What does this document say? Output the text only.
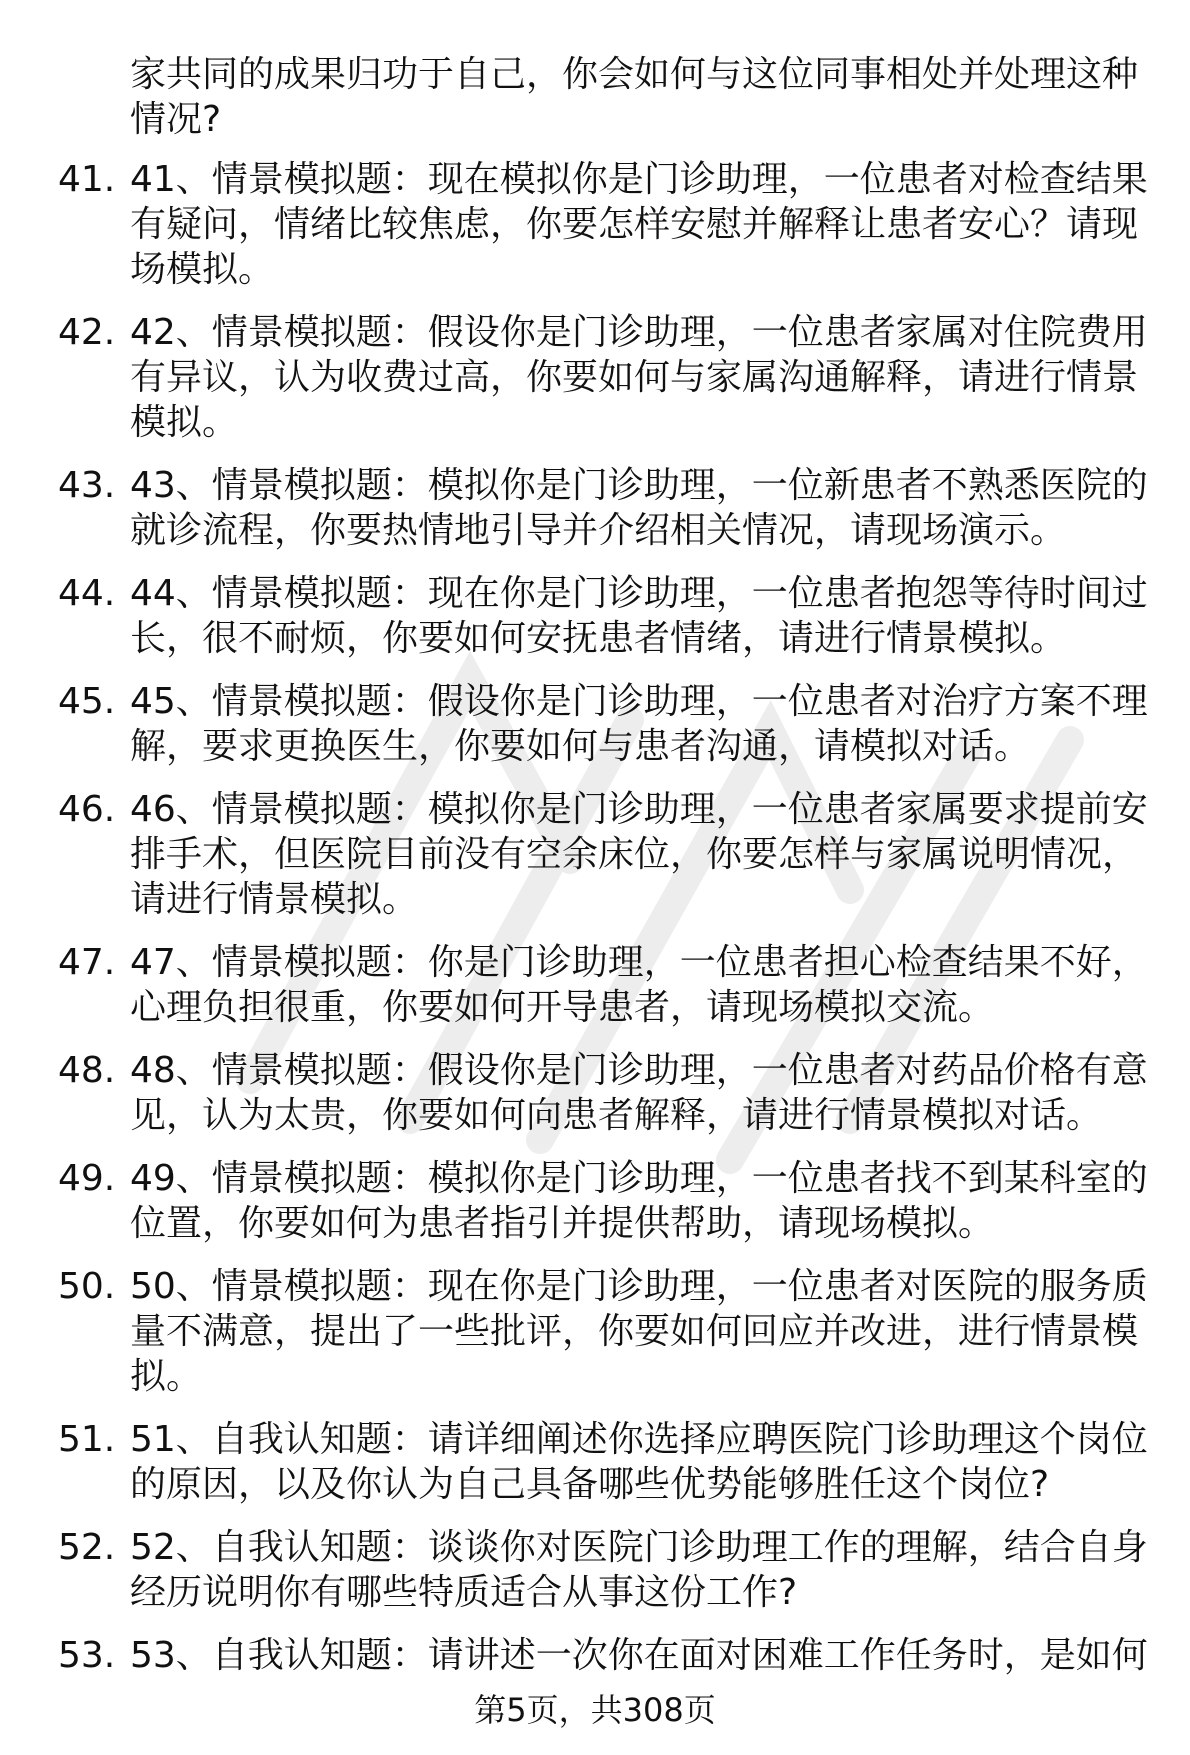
家共同的成果归功于自己，你会如何与这位同事相处并处理这种情况?

41. 41、情景模拟题：现在模拟你是门诊助理，一位患者对检查结果有疑问，情绪比较焦虑，你要怎样安慰并解释让患者安心？请现场模拟。
42. 42、情景模拟题：假设你是门诊助理，一位患者家属对住院费用有异议，认为收费过高，你要如何与家属沟通解释，请进行情景模拟。
43. 43、情景模拟题：模拟你是门诊助理，一位新患者不熟悉医院的就诊流程，你要热情地引导并介绍相关情况，请现场演示。
44. 44、情景模拟题：现在你是门诊助理，一位患者抱怨等待时间过长，很不耐烦，你要如何安抚患者情绪，请进行情景模拟。
45. 45、情景模拟题：假设你是门诊助理，一位患者对治疗方案不理解，要求更换医生，你要如何与患者沟通，请模拟对话。
46. 46、情景模拟题：模拟你是门诊助理，一位患者家属要求提前安排手术，但医院目前没有空余床位，你要怎样与家属说明情况，请进行情景模拟。
47. 47、情景模拟题：你是门诊助理，一位患者担心检查结果不好，心理负担很重，你要如何开导患者，请现场模拟交流。
48. 48、情景模拟题：假设你是门诊助理，一位患者对药品价格有意见，认为太贵，你要如何向患者解释，请进行情景模拟对话。
49. 49、情景模拟题：模拟你是门诊助理，一位患者找不到某科室的位置，你要如何为患者指引并提供帮助，请现场模拟。
50. 50、情景模拟题：现在你是门诊助理，一位患者对医院的服务质量不满意，提出了一些批评，你要如何回应并改进，进行情景模拟。
51. 51、自我认知题：请详细阐述你选择应聘医院门诊助理这个岗位的原因，以及你认为自己具备哪些优势能够胜任这个岗位?
52. 52、自我认知题：谈谈你对医院门诊助理工作的理解，结合自身经历说明你有哪些特质适合从事这份工作?
53. 53、自我认知题：请讲述一次你在面对困难工作任务时，是如何
第5页，共308页
